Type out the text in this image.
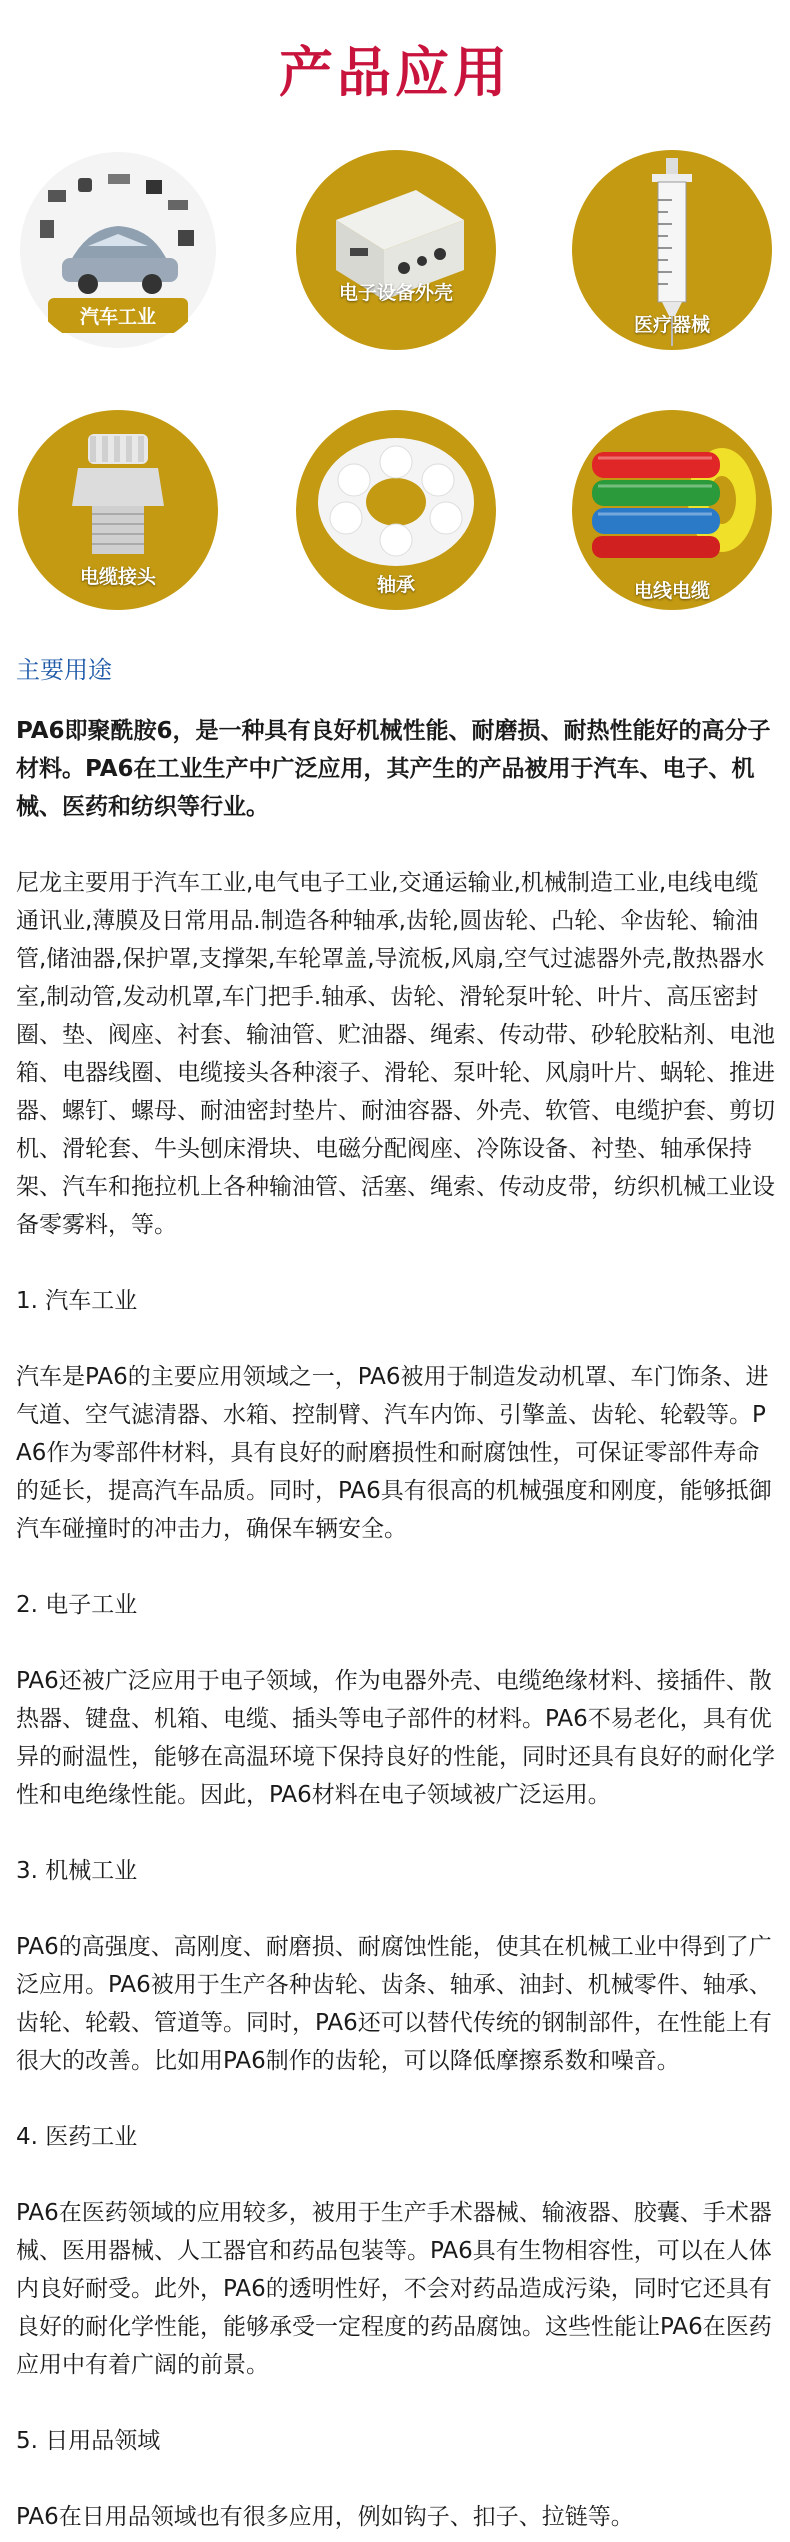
产品应用
汽车工业
电子设备外壳
医疗器械
电缆接头	轴承	电线电缆
主要用途

PA6即聚酰胺6，是一种具有良好机械性能、耐磨损、耐热性能好的高分子材料。PA6在工业生产中广泛应用，其产生的产品被用于汽车、电子、机械、医药和纺织等行业。

尼龙主要用于汽车工业,电气电子工业,交通运输业,机械制造工业,电线电缆通讯业,薄膜及日常用品.制造各种轴承,齿轮,圆齿轮、凸轮、伞齿轮、输油管,储油器,保护罩,支撑架,车轮罩盖,导流板,风扇,空气过滤器外壳,散热器水室,制动管,发动机罩,车门把手.轴承、齿轮、滑轮泵叶轮、叶片、高压密封圈、垫、阀座、衬套、输油管、贮油器、绳索、传动带、砂轮胶粘剂、电池箱、电器线圈、电缆接头各种滚子、滑轮、泵叶轮、风扇叶片、蜗轮、推进器、螺钉、螺母、耐油密封垫片、耐油容器、外壳、软管、电缆护套、剪切机、滑轮套、牛头刨床滑块、电磁分配阀座、冷陈设备、衬垫、轴承保持架、汽车和拖拉机上各种输油管、活塞、绳索、传动皮带，纺织机械工业设备零雾料，等。

1. 汽车工业

汽车是PA6的主要应用领域之一，PA6被用于制造发动机罩、车门饰条、进气道、空气滤清器、水箱、控制臂、汽车内饰、引擎盖、齿轮、轮毂等。PA6作为零部件材料，具有良好的耐磨损性和耐腐蚀性，可保证零部件寿命的延长，提高汽车品质。同时，PA6具有很高的机械强度和刚度，能够抵御汽车碰撞时的冲击力，确保车辆安全。

2. 电子工业

PA6还被广泛应用于电子领域，作为电器外壳、电缆绝缘材料、接插件、散热器、键盘、机箱、电缆、插头等电子部件的材料。PA6不易老化，具有优异的耐温性，能够在高温环境下保持良好的性能，同时还具有良好的耐化学性和电绝缘性能。因此，PA6材料在电子领域被广泛运用。

3. 机械工业

PA6的高强度、高刚度、耐磨损、耐腐蚀性能，使其在机械工业中得到了广泛应用。PA6被用于生产各种齿轮、齿条、轴承、油封、机械零件、轴承、齿轮、轮毂、管道等。同时，PA6还可以替代传统的钢制部件，在性能上有很大的改善。比如用PA6制作的齿轮，可以降低摩擦系数和噪音。

4. 医药工业

PA6在医药领域的应用较多，被用于生产手术器械、输液器、胶囊、手术器械、医用器械、人工器官和药品包装等。PA6具有生物相容性，可以在人体内良好耐受。此外，PA6的透明性好，不会对药品造成污染，同时它还具有良好的耐化学性能，能够承受一定程度的药品腐蚀。这些性能让PA6在医药应用中有着广阔的前景。

5. 日用品领域

PA6在日用品领域也有很多应用，例如钩子、扣子、拉链等。
